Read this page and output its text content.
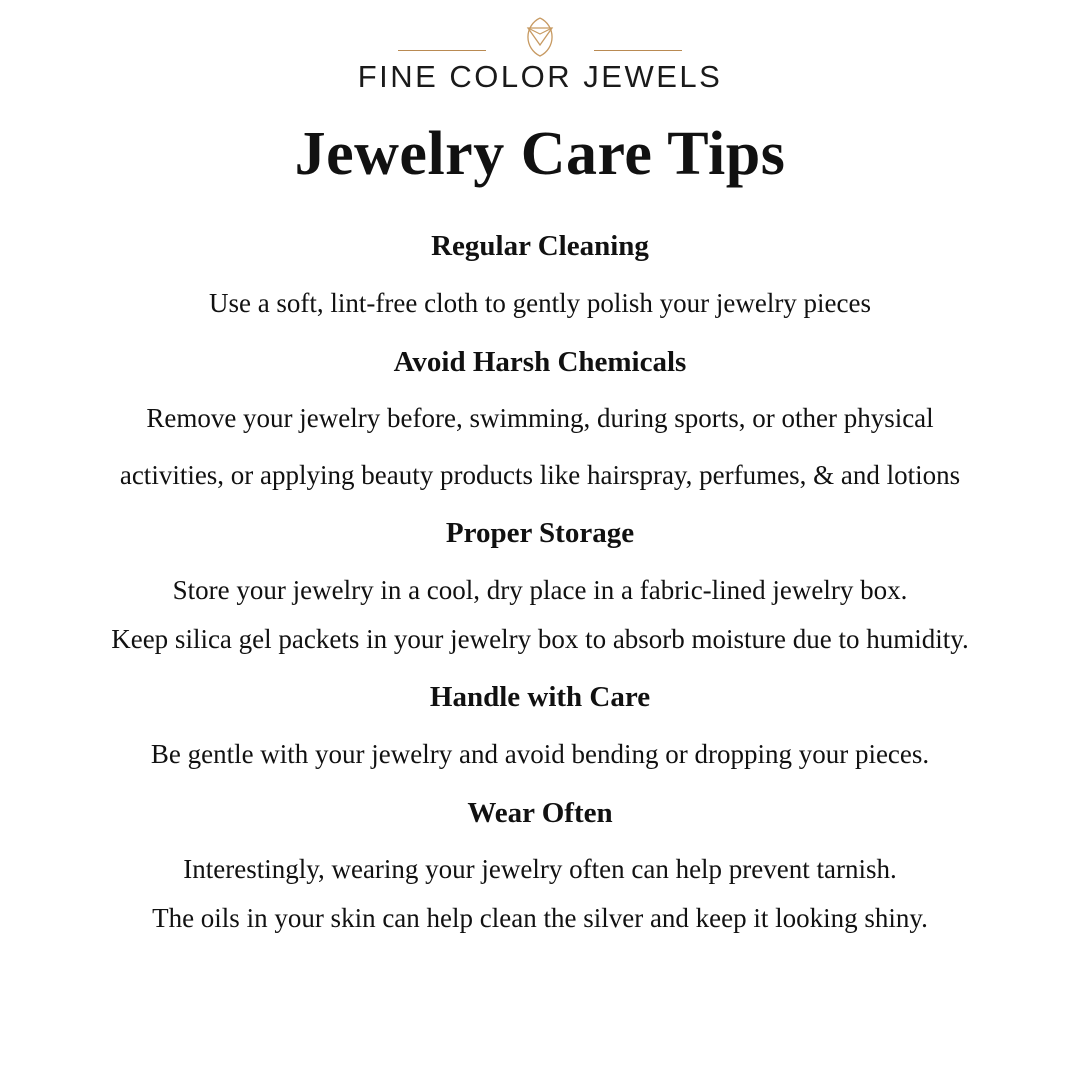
FINE COLOR JEWELS
Jewelry Care Tips
Regular Cleaning
Use a soft, lint-free cloth to gently polish your jewelry pieces
Avoid Harsh Chemicals
Remove your jewelry before, swimming, during sports, or other physical
activities, or applying beauty products like hairspray, perfumes, & and lotions
Proper Storage
Store your jewelry in a cool, dry place in a fabric-lined jewelry box.
Keep silica gel packets in your jewelry box to absorb moisture due to humidity.
Handle with Care
Be gentle with your jewelry and avoid bending or dropping your pieces.
Wear Often
Interestingly, wearing your jewelry often can help prevent tarnish.
The oils in your skin can help clean the silver and keep it looking shiny.
